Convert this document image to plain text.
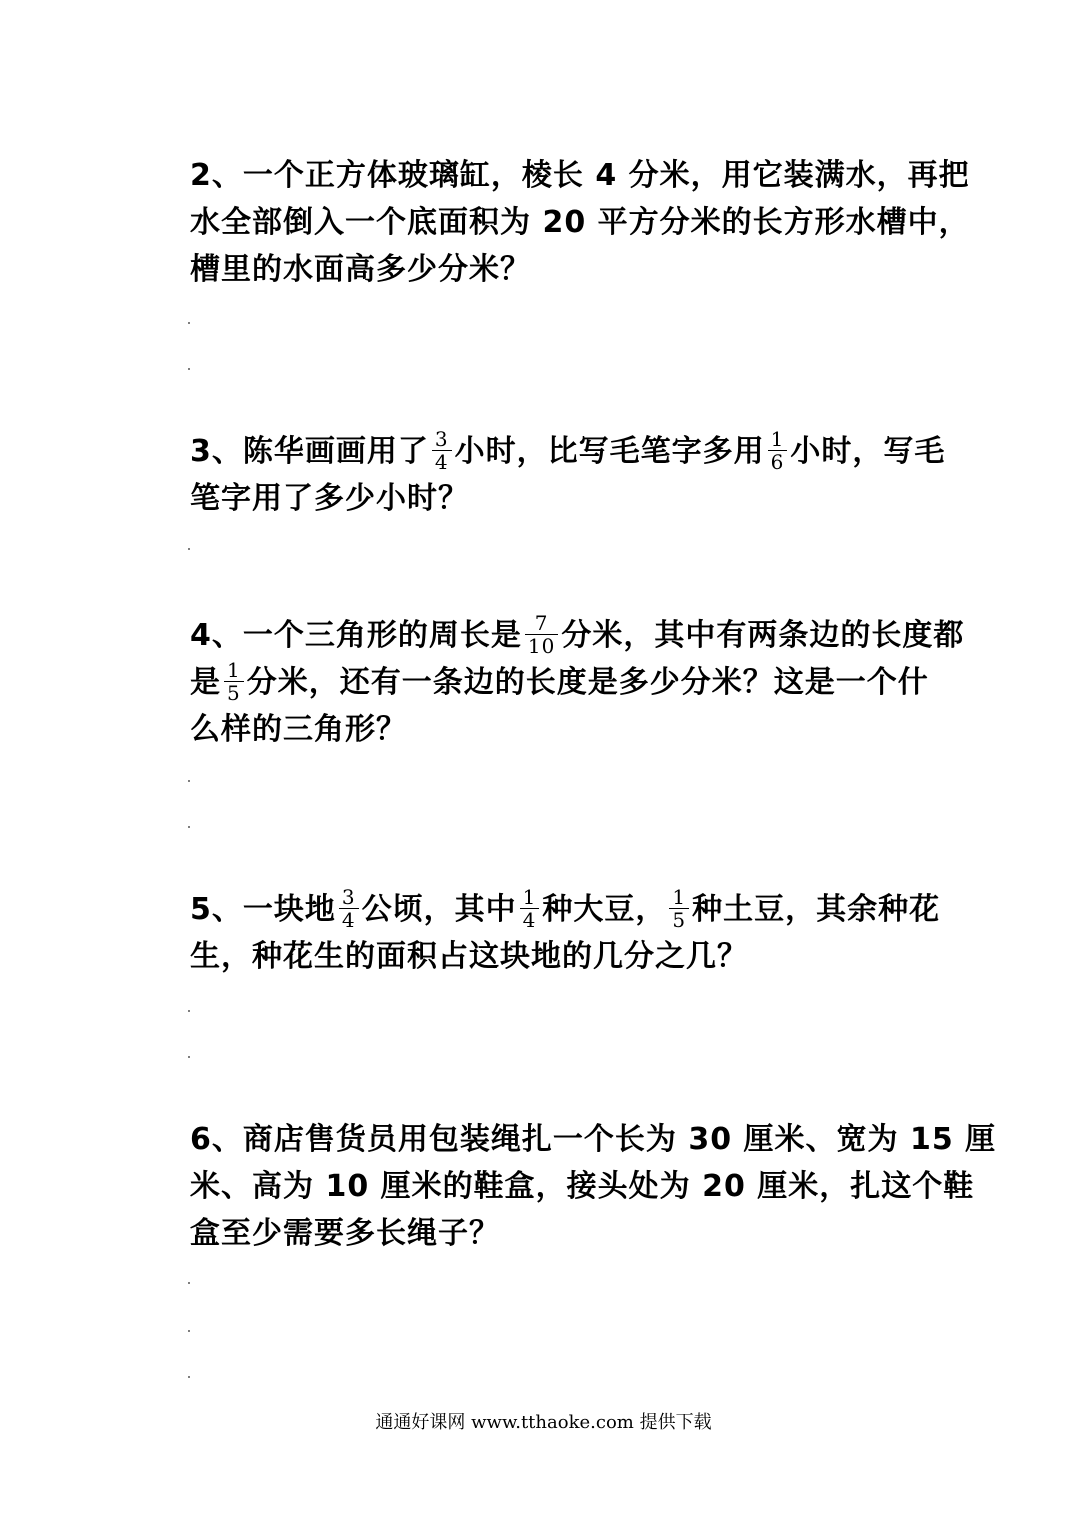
2、一个正方体玻璃缸，棱长 4 分米，用它装满水，再把
水全部倒入一个底面积为 20 平方分米的长方形水槽中，
槽里的水面高多少分米？
3、陈华画画用了 $\frac{3}{4}$ 小时，比写毛笔字多用 $\frac{1}{6}$ 小时，写毛
笔字用了多少小时？
4、一个三角形的周长是 $\frac{7}{10}$ 分米，其中有两条边的长度都
是 $\frac{1}{5}$ 分米，还有一条边的长度是多少分米？这是一个什
么样的三角形？
5、一块地 $\frac{3}{4}$ 公顷，其中 $\frac{1}{4}$ 种大豆， $\frac{1}{5}$ 种土豆，其余种花
生，种花生的面积占这块地的几分之几？
6、商店售货员用包装绳扎一个长为 30 厘米、宽为 15 厘
米、高为 10 厘米的鞋盒，接头处为 20 厘米，扎这个鞋
盒至少需要多长绳子？
通通好课网 www.tthaoke.com 提供下载
